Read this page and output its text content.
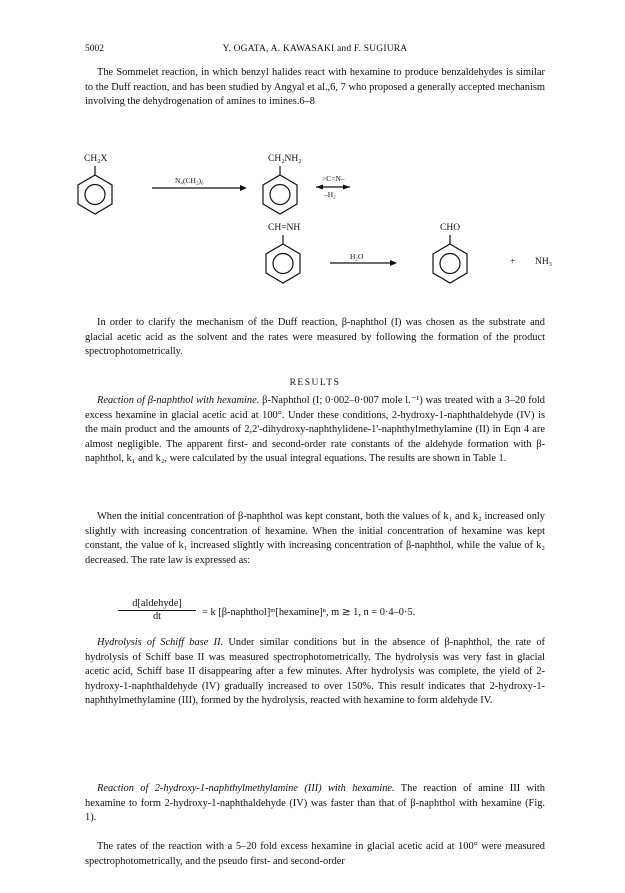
5002	Y. OGATA, A. KAWASAKI and F. SUGIURA

The Sommelet reaction, in which benzyl halides react with hexamine to produce benzaldehydes is similar to the Duff reaction, and has been studied by Angyal et al.,6, 7 who proposed a generally accepted mechanism involving the dehydrogenation of amines to imines.6–8

CH₂X
N₄(CH₂)₆
CH₂NH₂
>C=N–
–H₂
CH=NH
H₂O
CHO
+ NH₃

In order to clarify the mechanism of the Duff reaction, β-naphthol (I) was chosen as the substrate and glacial acetic acid as the solvent and the rates were measured by following the formation of the product spectrophotometrically.

RESULTS

Reaction of β-naphthol with hexamine. β-Naphthol (I; 0·002–0·007 mole l.⁻¹) was treated with a 3–20 fold excess hexamine in glacial acetic acid at 100°. Under these conditions, 2-hydroxy-1-naphthaldehyde (IV) is the main product and the amounts of 2,2'-dihydroxy-naphthylidene-1'-naphthylmethylamine (II) in Eqn 4 are almost negligible. The apparent first- and second-order rate constants of the aldehyde formation with β-naphthol, k₁ and k₂, were calculated by the usual integral equations. The results are shown in Table 1.

When the initial concentration of β-naphthol was kept constant, both the values of k₁ and k₂ increased only slightly with increasing concentration of hexamine. When the initial concentration of hexamine was kept constant, the value of k₁ increased slightly with increasing concentration of β-naphthol, while the value of k₂ decreased. The rate law is expressed as:

d[aldehyde]
dt	= k [β-naphthol]ᵐ[hexamine]ⁿ, m ≳ 1, n = 0·4–0·5.

Hydrolysis of Schiff base II. Under similar conditions but in the absence of β-naphthol, the rate of hydrolysis of Schiff base II was measured spectrophotometrically. The hydrolysis was very fast in glacial acetic acid, Schiff base II disappearing after a few minutes. After hydrolysis was complete, the yield of 2-hydroxy-1-naphthaldehyde (IV) gradually increased to over 150%. This result indicates that 2-hydroxy-1-naphthylmethylamine (III), formed by the hydrolysis, reacted with hexamine to form aldehyde IV.

Reaction of 2-hydroxy-1-naphthylmethylamine (III) with hexamine. The reaction of amine III with hexamine to form 2-hydroxy-1-naphthaldehyde (IV) was faster than that of β-naphthol with hexamine (Fig. 1).

The rates of the reaction with a 5–20 fold excess hexamine in glacial acetic acid at 100° were measured spectrophotometrically, and the pseudo first- and second-order
